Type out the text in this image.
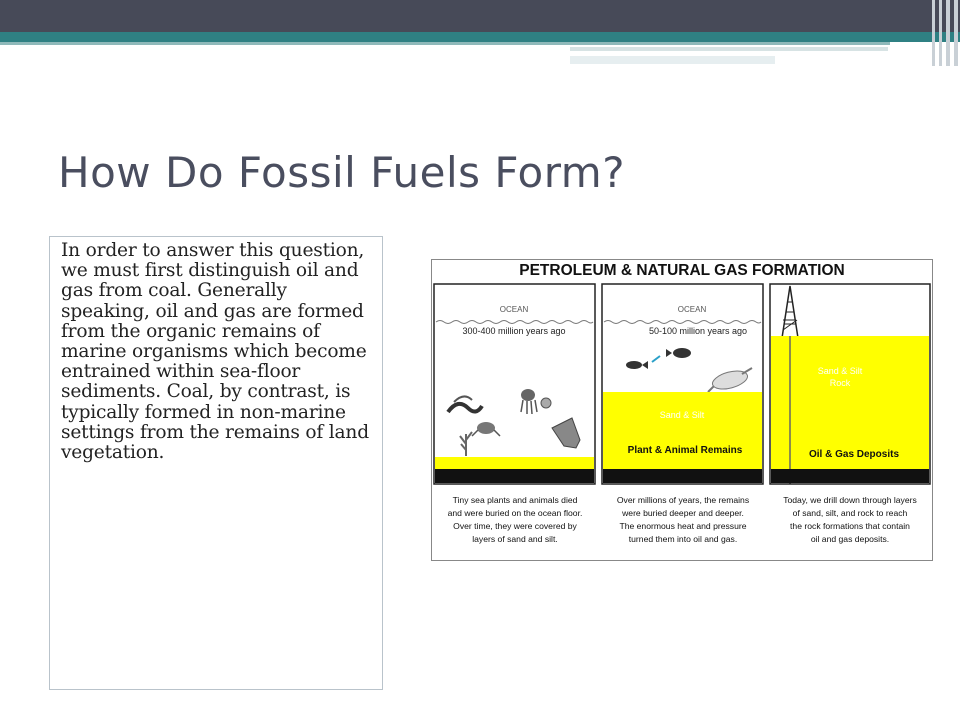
How Do Fossil Fuels Form?

In order to answer this question, we must first distinguish oil and gas from coal. Generally speaking, oil and gas are formed from the organic remains of marine organisms which become entrained within sea-floor sediments. Coal, by contrast, is typically formed in non-marine settings from the remains of land vegetation.

PETROLEUM & NATURAL GAS FORMATION
OCEAN
300-400 million years ago
OCEAN
50-100 million years ago
Sand & Silt
Plant & Animal Remains
Sand & Silt
Rock
Oil & Gas Deposits
Tiny sea plants and animals died
and were buried on the ocean floor.
Over time, they were covered by
layers of sand and silt.
Over millions of years, the remains
were buried deeper and deeper.
The enormous heat and pressure
turned them into oil and gas.
Today, we drill down through layers
of sand, silt, and rock to reach
the rock formations that contain
oil and gas deposits.
